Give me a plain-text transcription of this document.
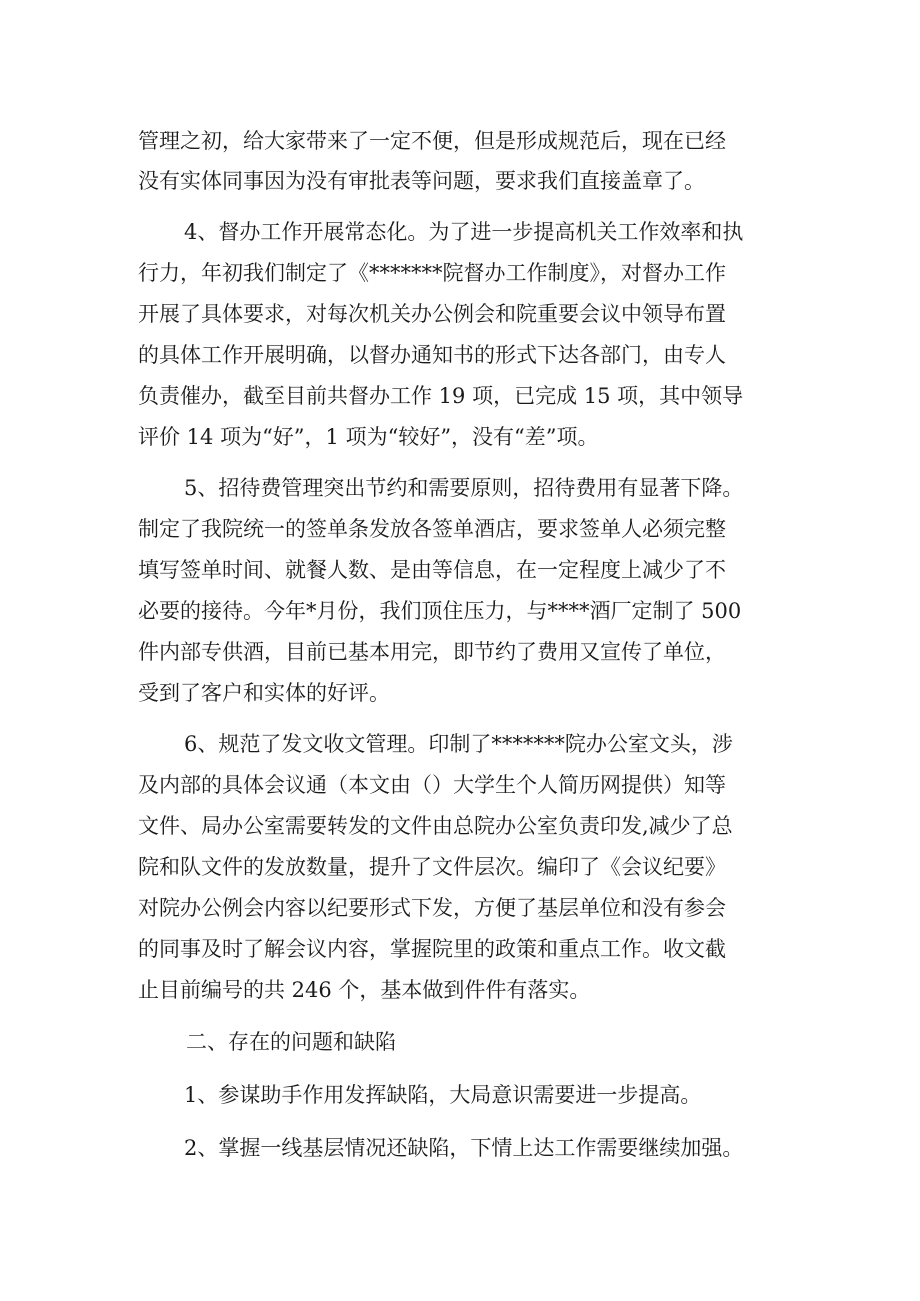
管理之初，给大家带来了一定不便，但是形成规范后，现在已经
没有实体同事因为没有审批表等问题，要求我们直接盖章了。
4、督办工作开展常态化。为了进一步提高机关工作效率和执
行力，年初我们制定了《*******院督办工作制度》，对督办工作
开展了具体要求，对每次机关办公例会和院重要会议中领导布置
的具体工作开展明确，以督办通知书的形式下达各部门，由专人
负责催办，截至目前共督办工作 19 项，已完成 15 项，其中领导
评价 14 项为“好”，1 项为“较好”，没有“差”项。
5、招待费管理突出节约和需要原则，招待费用有显著下降。
制定了我院统一的签单条发放各签单酒店，要求签单人必须完整
填写签单时间、就餐人数、是由等信息，在一定程度上减少了不
必要的接待。今年*月份，我们顶住压力，与****酒厂定制了 500
件内部专供酒，目前已基本用完，即节约了费用又宣传了单位，
受到了客户和实体的好评。
6、规范了发文收文管理。印制了*******院办公室文头，涉
及内部的具体会议通（本文由（）大学生个人简历网提供）知等
文件、局办公室需要转发的文件由总院办公室负责印发,减少了总
院和队文件的发放数量，提升了文件层次。编印了《会议纪要》
对院办公例会内容以纪要形式下发，方便了基层单位和没有参会
的同事及时了解会议内容，掌握院里的政策和重点工作。收文截
止目前编号的共 246 个，基本做到件件有落实。
二、存在的问题和缺陷
1、参谋助手作用发挥缺陷，大局意识需要进一步提高。
2、掌握一线基层情况还缺陷，下情上达工作需要继续加强。
